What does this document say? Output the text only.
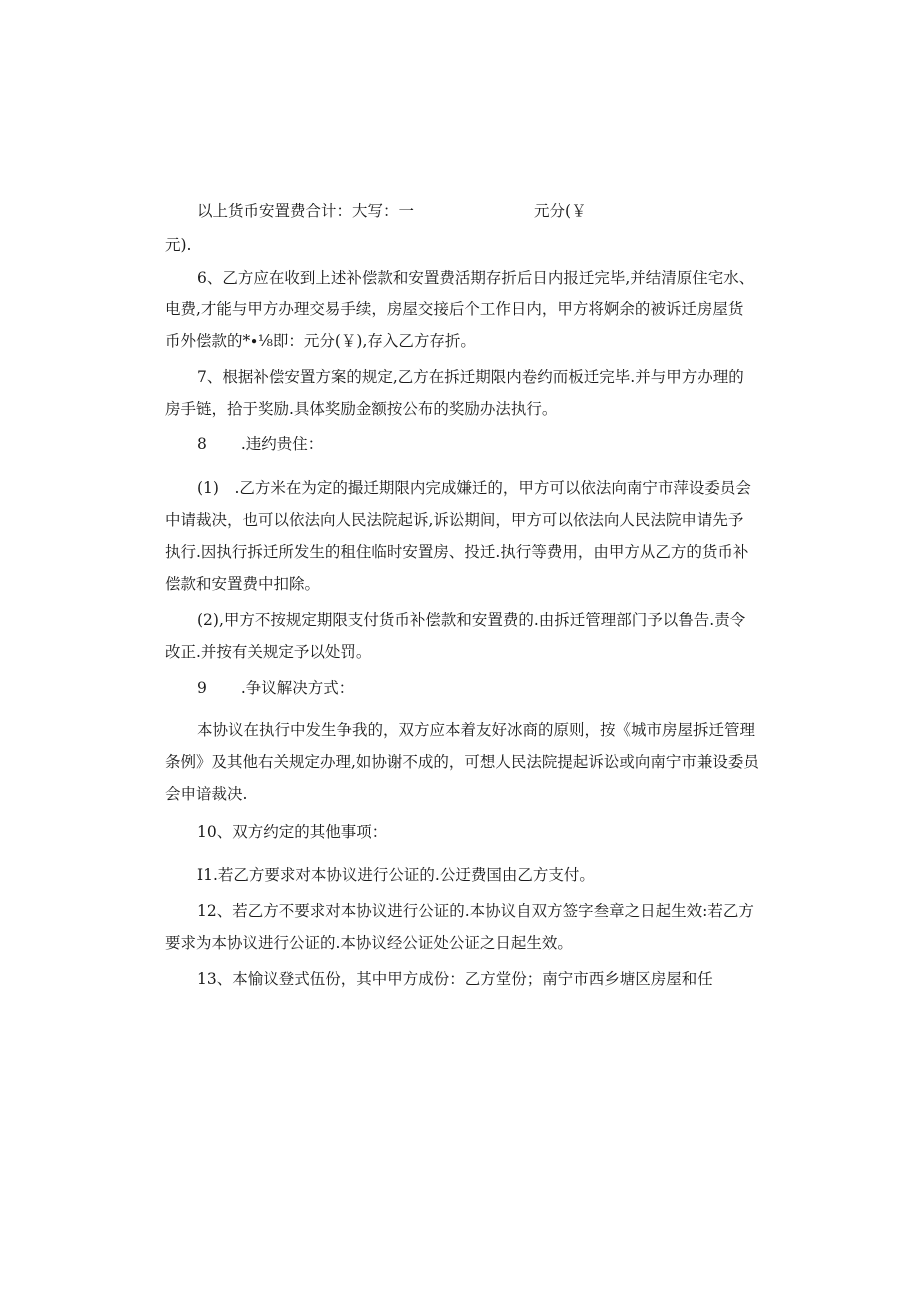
以上货币安置费合计：大写：一	元分(￥
元).
6、乙方应在收到上述补偿款和安置费活期存折后日内报迁完毕,并结清原住宅水、
电费,才能与甲方办理交易手续，房屋交接后个工作日内，甲方将婀余的被诉迁房屋货
币外偿款的*∙⅛即：元分(￥),存入乙方存折。
7、根据补偿安置方案的规定,乙方在拆迁期限内卷约而板迁完毕.并与甲方办理的
房手链，拾于奖励.具体奖励金额按公布的奖励办法执行。
8 .违约贵住：
(1)　.乙方米在为定的撮迁期限内完成嫌迁的，甲方可以依法向南宁市萍设委员会
中请裁决，也可以依法向人民法院起诉,诉讼期间，甲方可以依法向人民法院申请先予
执行.因执行拆迁所发生的租住临时安置房、投迁.执行等费用，由甲方从乙方的货币补
偿款和安置费中扣除。
(2),甲方不按规定期限支付货币补偿款和安置费的.由拆迁管理部门予以鲁告.责令
改正.并按有关规定予以处罚。
9 .争议解决方式：
本协议在执行中发生争我的，双方应本着友好冰商的原则，按《城市房屋拆迁管理
条例》及其他右关规定办理,如协谢不成的，可想人民法院提起诉讼或向南宁市兼设委员
会申谙裁决.
10、双方约定的其他事项：
I1.若乙方要求对本协议进行公证的.公迂费国由乙方支付。
12、若乙方不要求对本协议进行公证的.本协议自双方签字叁章之日起生效:若乙方
要求为本协议进行公证的.本协议经公证处公证之日起生效。
13、本愉议登式伍份，其中甲方成份：乙方堂份；南宁市西乡塘区房屋和任
